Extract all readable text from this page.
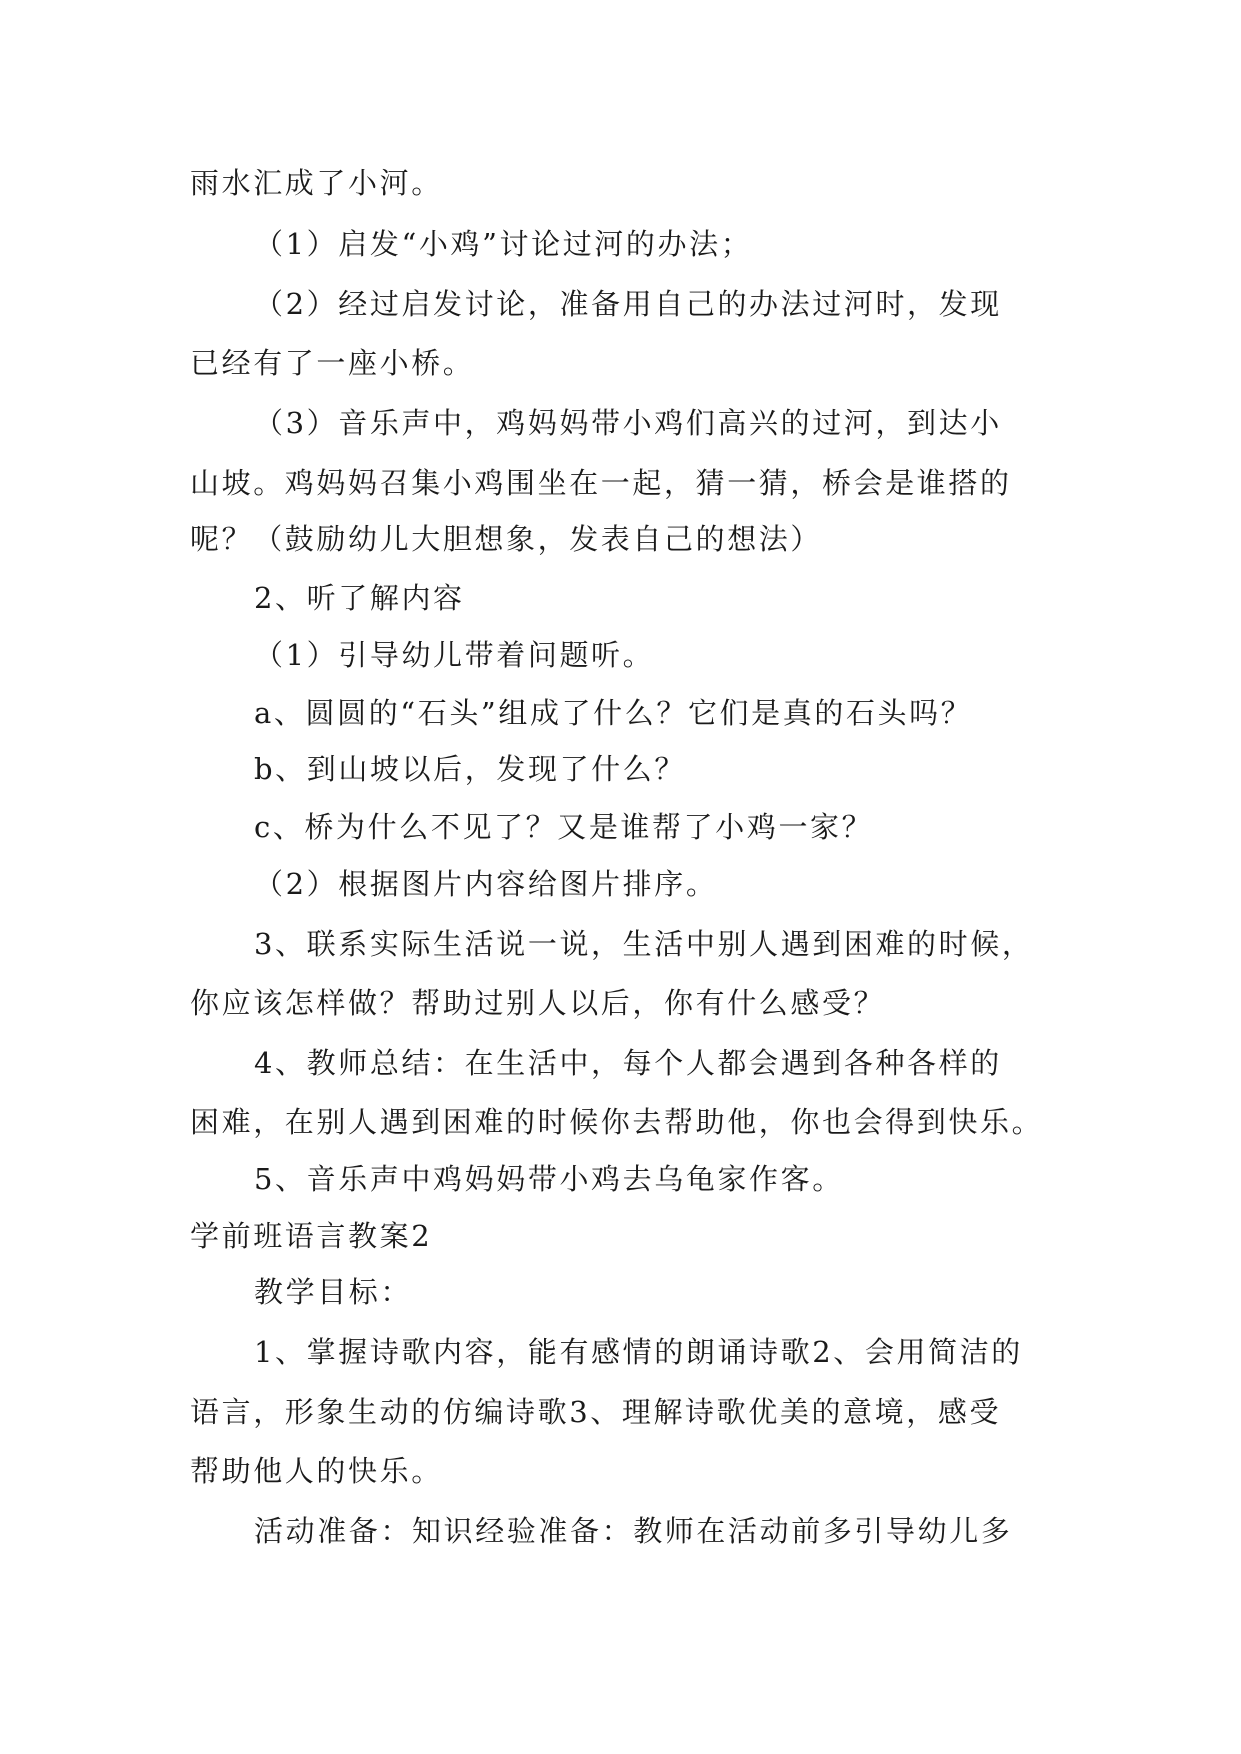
雨水汇成了小河。
（1）启发“小鸡”讨论过河的办法；
（2）经过启发讨论，准备用自己的办法过河时，发现
已经有了一座小桥。
（3）音乐声中，鸡妈妈带小鸡们高兴的过河，到达小
山坡。鸡妈妈召集小鸡围坐在一起，猜一猜，桥会是谁搭的
呢？（鼓励幼儿大胆想象，发表自己的想法）
2、听了解内容
（1）引导幼儿带着问题听。
a、圆圆的“石头”组成了什么？它们是真的石头吗？
b、到山坡以后，发现了什么？
c、桥为什么不见了？又是谁帮了小鸡一家？
（2）根据图片内容给图片排序。
3、联系实际生活说一说，生活中别人遇到困难的时候，
你应该怎样做？帮助过别人以后，你有什么感受？
4、教师总结：在生活中，每个人都会遇到各种各样的
困难，在别人遇到困难的时候你去帮助他，你也会得到快乐。
5、音乐声中鸡妈妈带小鸡去乌龟家作客。
学前班语言教案2
教学目标：
1、掌握诗歌内容，能有感情的朗诵诗歌2、会用简洁的
语言，形象生动的仿编诗歌3、理解诗歌优美的意境，感受
帮助他人的快乐。
活动准备：知识经验准备：教师在活动前多引导幼儿多
